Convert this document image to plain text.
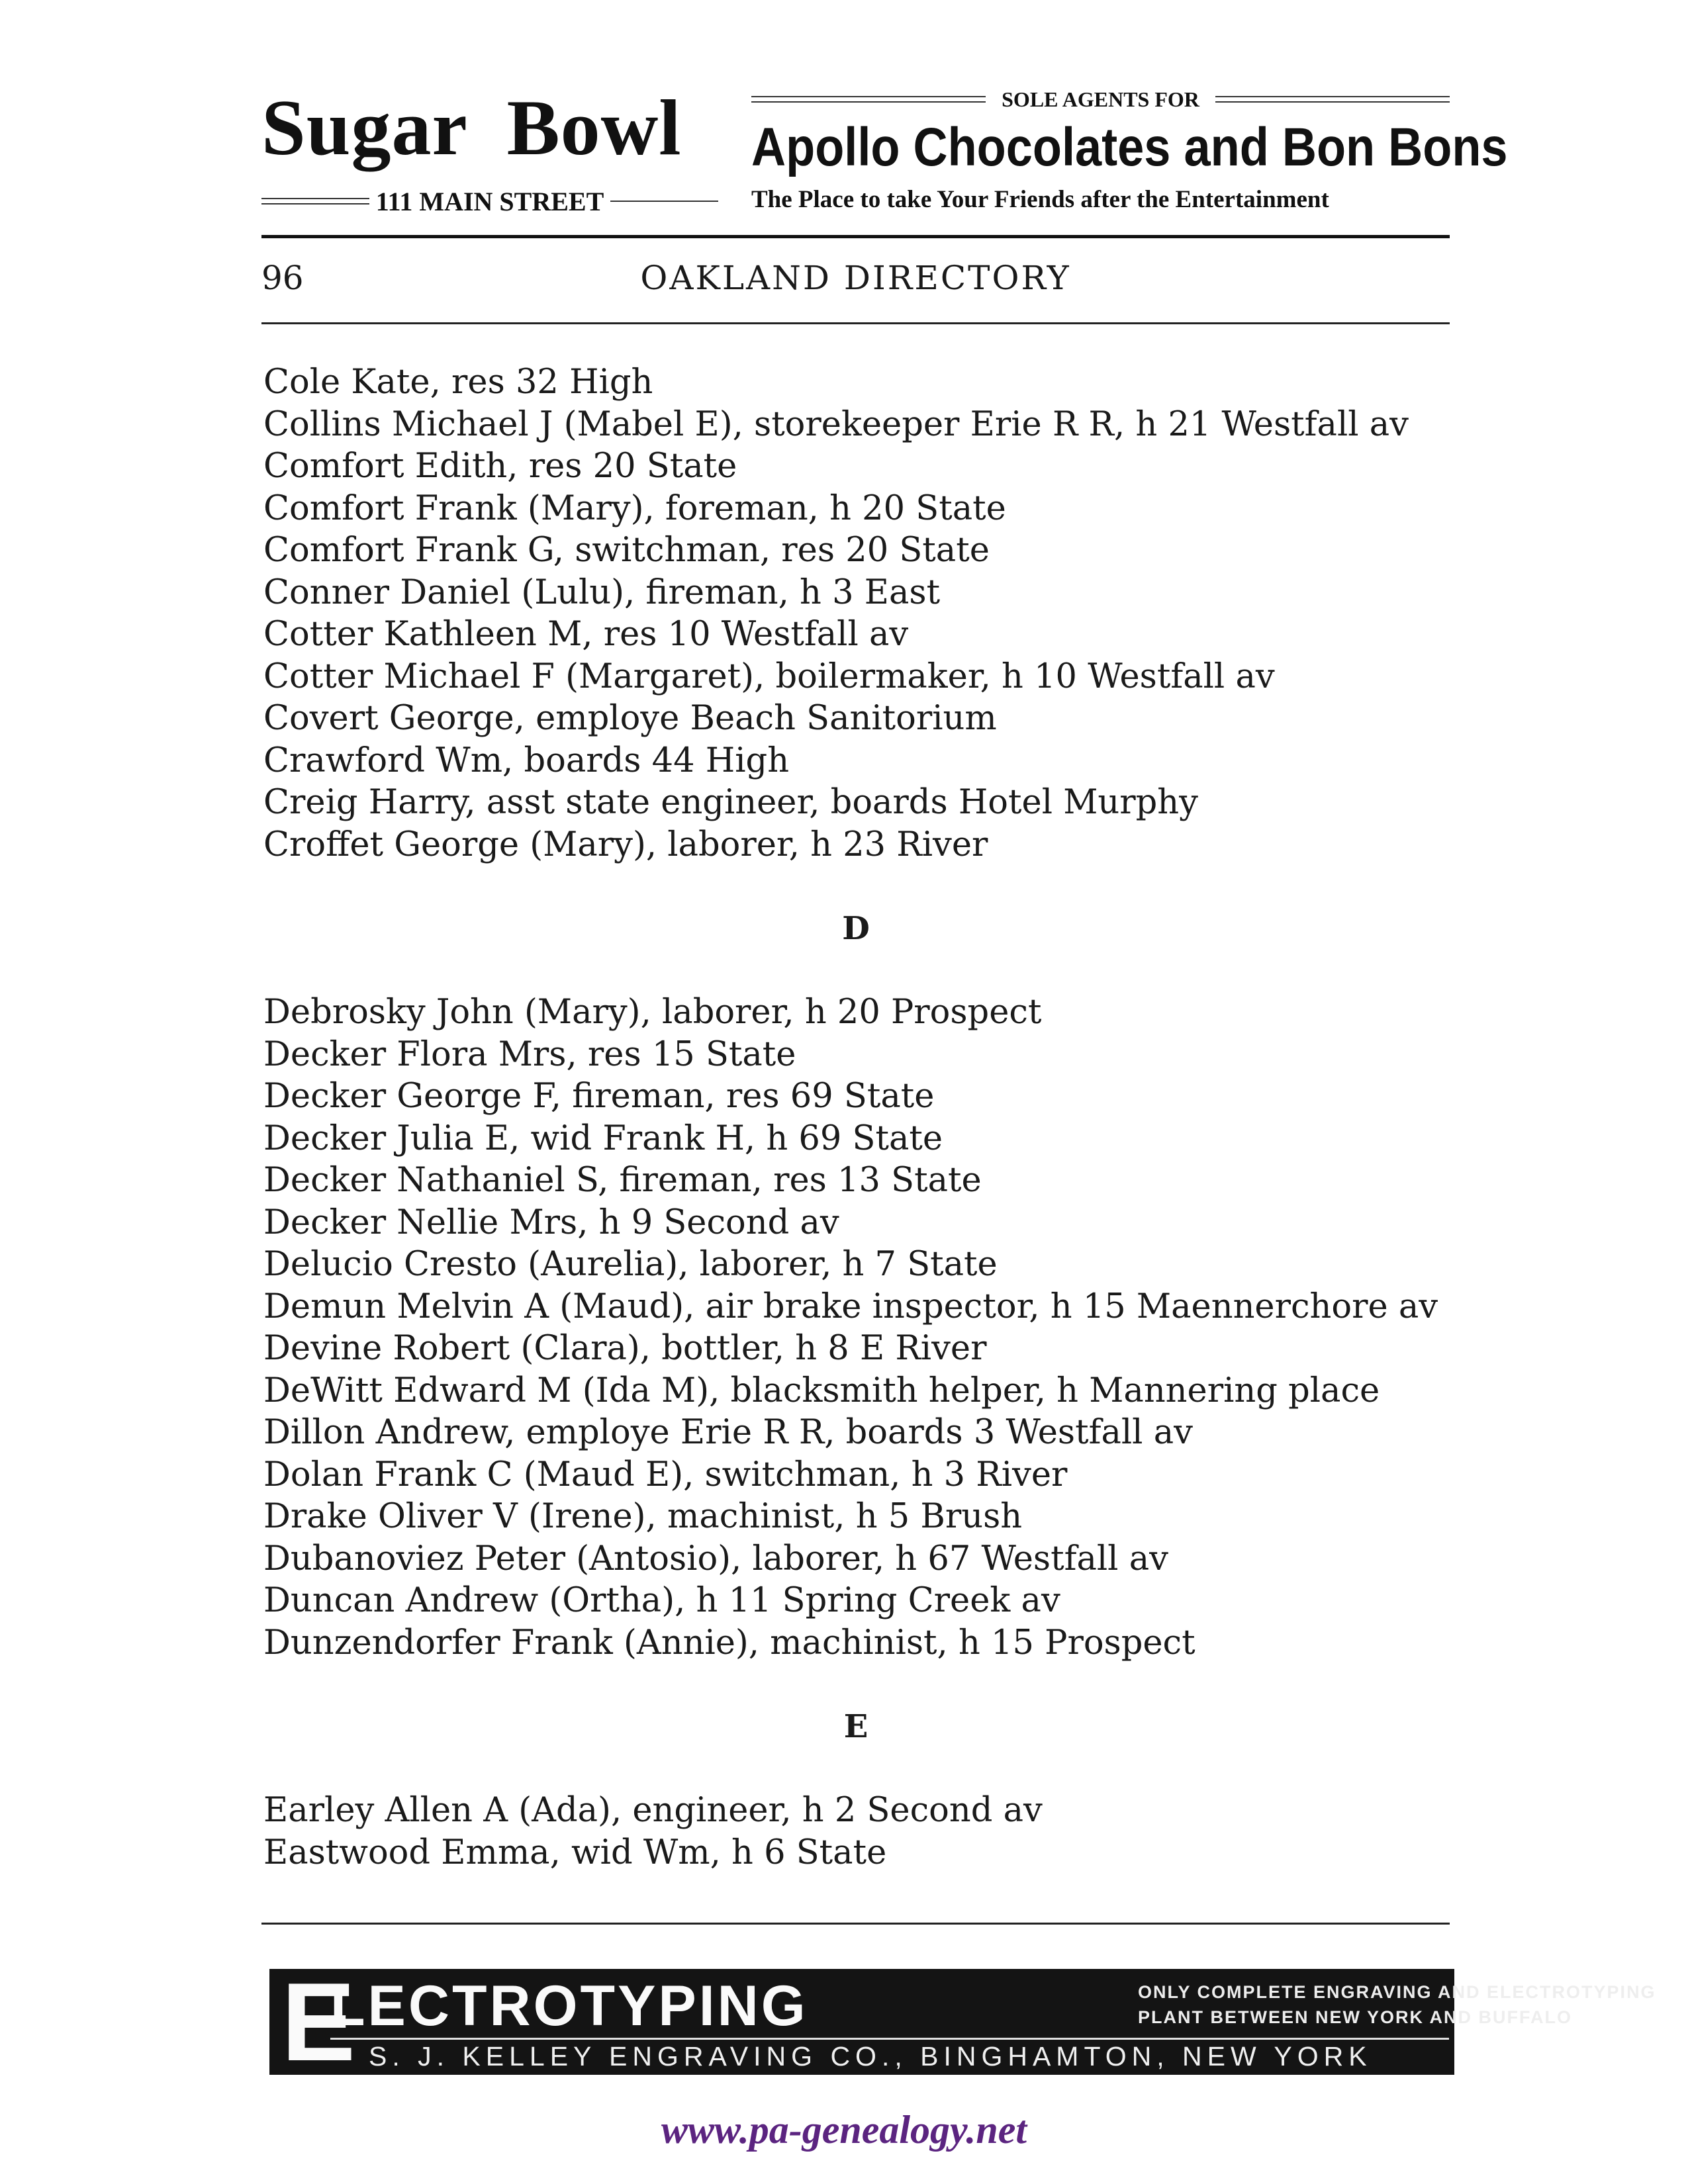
Sugar Bowl
111 MAIN STREET
SOLE AGENTS FOR
Apollo Chocolates and Bon Bons
The Place to take Your Friends after the Entertainment
OAKLAND DIRECTORY
96
Cole Kate, res 32 High
Collins Michael J (Mabel E), storekeeper Erie R R, h 21 Westfall av
Comfort Edith, res 20 State
Comfort Frank (Mary), foreman, h 20 State
Comfort Frank G, switchman, res 20 State
Conner Daniel (Lulu), fireman, h 3 East
Cotter Kathleen M, res 10 Westfall av
Cotter Michael F (Margaret), boilermaker, h 10 Westfall av
Covert George, employe Beach Sanitorium
Crawford Wm, boards 44 High
Creig Harry, asst state engineer, boards Hotel Murphy
Croffet George (Mary), laborer, h 23 River
D
Debrosky John (Mary), laborer, h 20 Prospect
Decker Flora Mrs, res 15 State
Decker George F, fireman, res 69 State
Decker Julia E, wid Frank H, h 69 State
Decker Nathaniel S, fireman, res 13 State
Decker Nellie Mrs, h 9 Second av
Delucio Cresto (Aurelia), laborer, h 7 State
Demun Melvin A (Maud), air brake inspector, h 15 Maennerchore av
Devine Robert (Clara), bottler, h 8 E River
DeWitt Edward M (Ida M), blacksmith helper, h Mannering place
Dillon Andrew, employe Erie R R, boards 3 Westfall av
Dolan Frank C (Maud E), switchman, h 3 River
Drake Oliver V (Irene), machinist, h 5 Brush
Dubanoviez Peter (Antosio), laborer, h 67 Westfall av
Duncan Andrew (Ortha), h 11 Spring Creek av
Dunzendorfer Frank (Annie), machinist, h 15 Prospect
E
Earley Allen A (Ada), engineer, h 2 Second av
Eastwood Emma, wid Wm, h 6 State
E
LECTROTYPING	ONLY COMPLETE ENGRAVING AND ELECTROTYPING
PLANT BETWEEN NEW YORK AND BUFFALO
S. J. KELLEY ENGRAVING CO., BINGHAMTON, NEW YORK
www.pa-genealogy.net
